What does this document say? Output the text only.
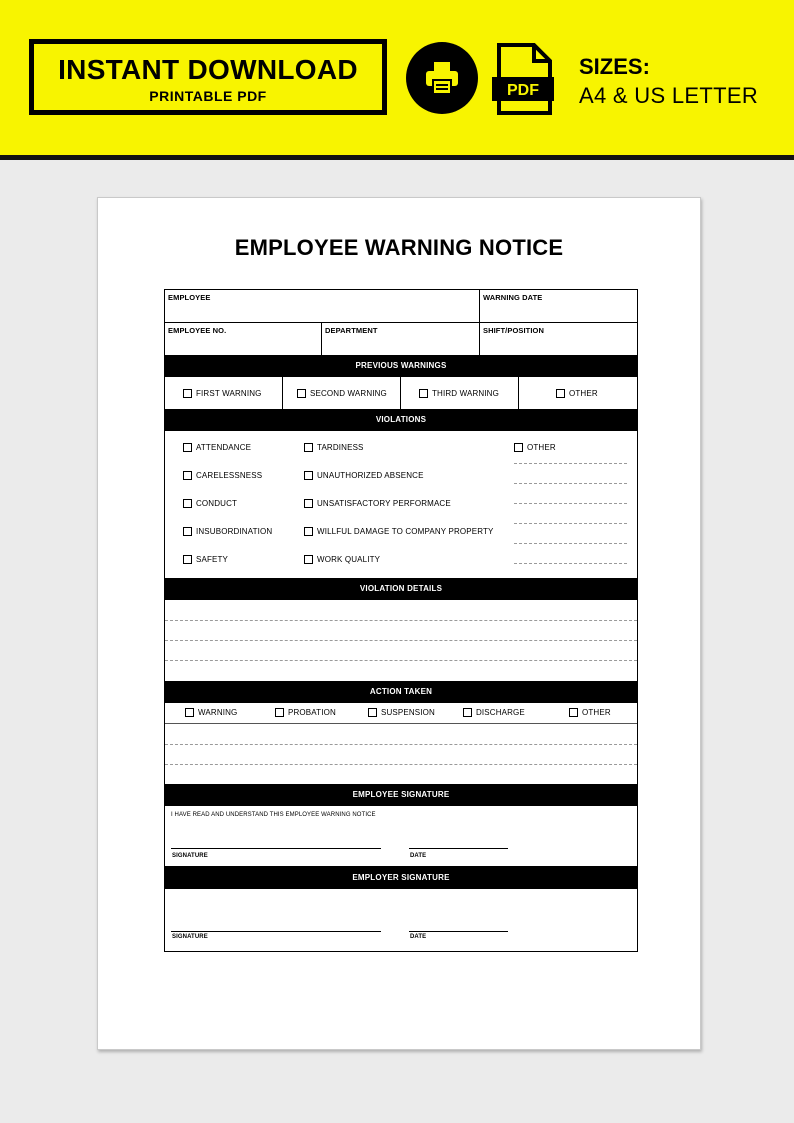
INSTANT DOWNLOAD
PRINTABLE PDF	PDF
SIZES:
A4 & US LETTER
EMPLOYEE WARNING NOTICE
EMPLOYEE	WARNING DATE
EMPLOYEE NO.	DEPARTMENT	SHIFT/POSITION
PREVIOUS WARNINGS
FIRST WARNING	SECOND WARNING	THIRD WARNING	OTHER
VIOLATIONS
ATTENDANCE
CARELESSNESS
CONDUCT
INSUBORDINATION
SAFETY
TARDINESS
UNAUTHORIZED ABSENCE
UNSATISFACTORY PERFORMACE
WILLFUL DAMAGE TO COMPANY PROPERTY
WORK QUALITY
OTHER
VIOLATION DETAILS
ACTION TAKEN
WARNING	PROBATION	SUSPENSION	DISCHARGE	OTHER
EMPLOYEE SIGNATURE
I HAVE READ AND UNDERSTAND THIS EMPLOYEE WARNING NOTICE
SIGNATURE	DATE
EMPLOYER SIGNATURE
SIGNATURE	DATE
